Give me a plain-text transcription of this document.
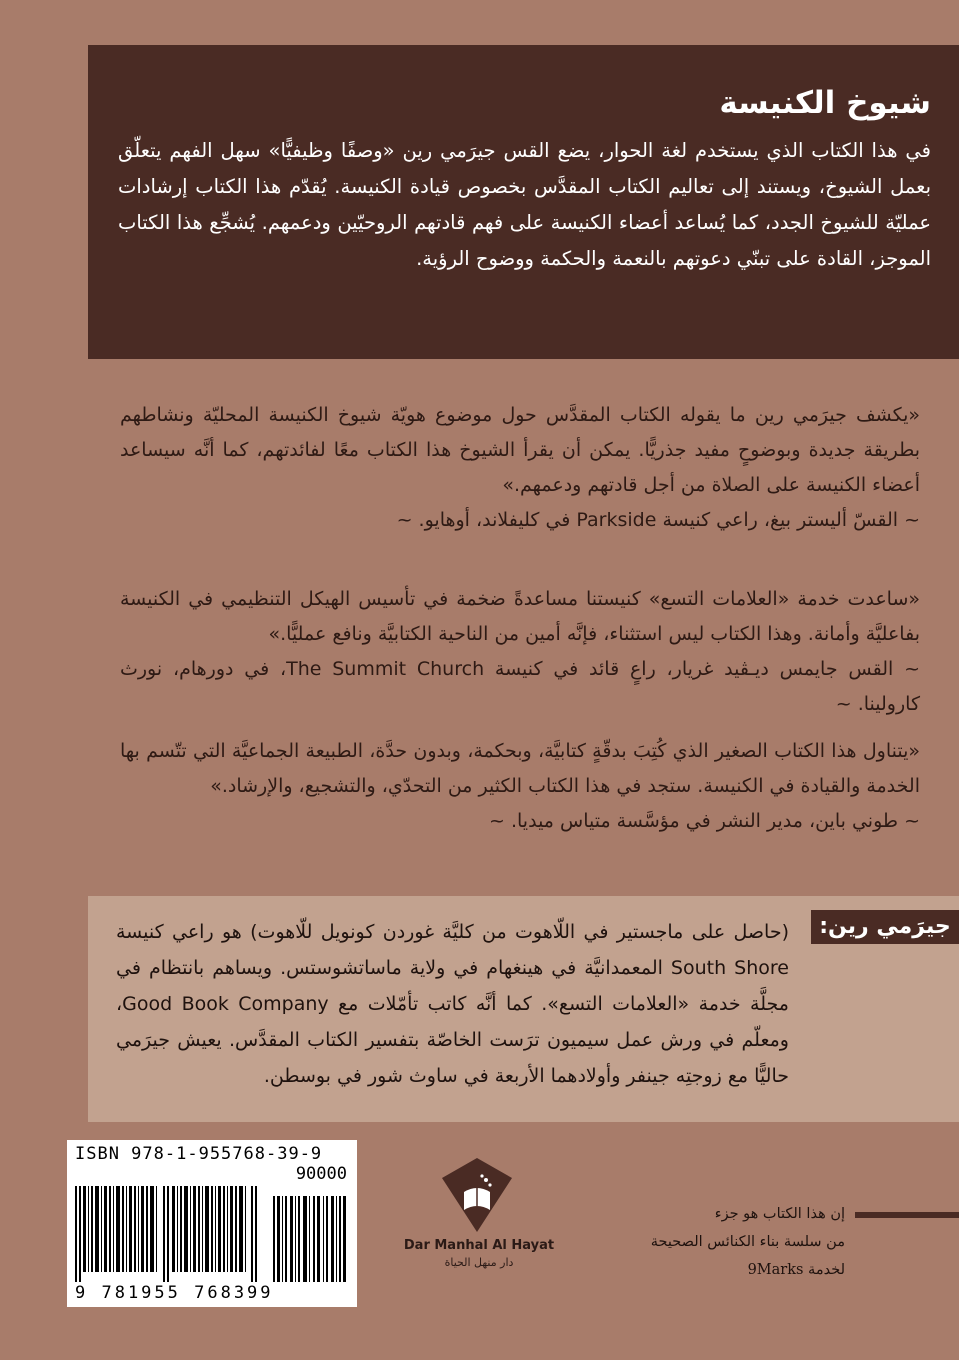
شيوخ الكنيسة

في هذا الكتاب الذي يستخدم لغة الحوار، يضع القس جيرَمي رين «وصفًا وظيفيًّا» سهل الفهم يتعلّق بعمل الشيوخ، ويستند إلى تعاليم الكتاب المقدَّس بخصوص قيادة الكنيسة. يُقدّم هذا الكتاب إرشادات عمليّة للشيوخ الجدد، كما يُساعد أعضاء الكنيسة على فهم قادتهم الروحيّين ودعمهم. يُشجِّع هذا الكتاب الموجز، القادة على تبنّي دعوتهم بالنعمة والحكمة ووضوح الرؤية.

«يكشف جيرَمي رين ما يقوله الكتاب المقدَّس حول موضوع هويّة شيوخ الكنيسة المحليّة ونشاطهم بطريقة جديدة وبوضوحٍ مفيد جذريًّا. يمكن أن يقرأ الشيوخ هذا الكتاب معًا لفائدتهم، كما أنَّه سيساعد أعضاء الكنيسة على الصلاة من أجل قادتهم ودعمهم.»
~ القسّ أليستر بيغ، راعي كنيسة Parkside في كليفلاند، أوهايو. ~
«ساعدت خدمة «العلامات التسع» كنيستنا مساعدةً ضخمة في تأسيس الهيكل التنظيمي في الكنيسة بفاعليَّة وأمانة. وهذا الكتاب ليس استثناء، فإنَّه أمين من الناحية الكتابيَّة ونافع عمليًّا.»
~ القس جايمس ديـڤيد غريار، راعٍ قائد في كنيسة The Summit Church، في دورهام، نورث كارولينا. ~
«يتناول هذا الكتاب الصغير الذي كُتِبَ بدقّةٍ كتابيَّة، وبحكمة، وبدون حدَّة، الطبيعة الجماعيَّة التي تتّسم بها الخدمة والقيادة في الكنيسة. ستجد في هذا الكتاب الكثير من التحدّي، والتشجيع، والإرشاد.»
~ طوني باين، مدير النشر في مؤسَّسة متياس ميديا. ~
جيرَمي رين:

(حاصل على ماجستير في اللّاهوت من كليَّة غوردن كونويل للّاهوت) هو راعي كنيسة South Shore المعمدانيَّة في هينغهام في ولاية ماساتشوستس. ويساهم بانتظام في مجلَّة خدمة «العلامات التسع». كما أنَّه كاتب تأمّلات مع Good Book Company، ومعلّم في ورش عمل سيميون ترَست الخاصّة بتفسير الكتاب المقدَّس. يعيش جيرَمي حاليًّا مع زوجتِه جينفر وأولادهما الأربعة في ساوث شور في بوسطن.

ISBN 978-1-955768-39-9
90000
9 781955 768399
Dar Manhal Al Hayat
دار منهل الحياة
إن هذا الكتاب هو جزء
من سلسة بناء الكنائس الصحيحة
لخدمة 9Marks
